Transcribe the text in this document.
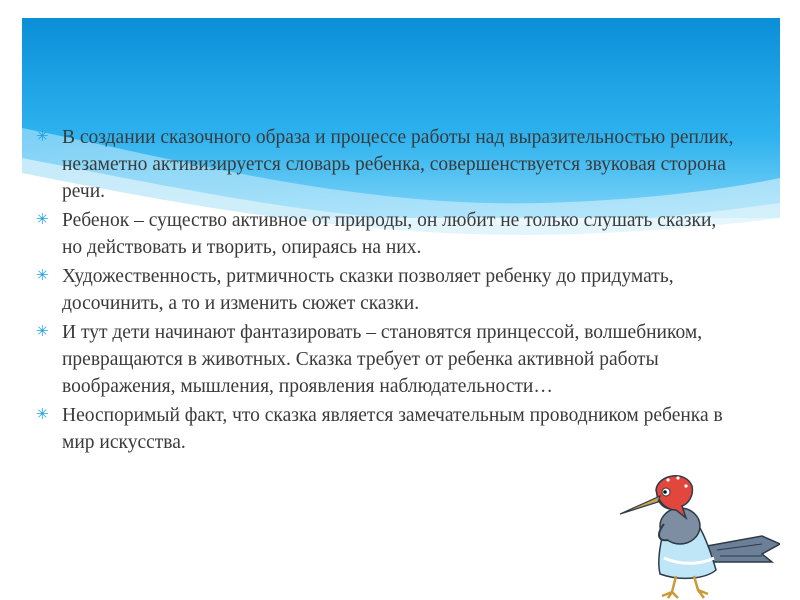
✳ В создании сказочного образа и процессе работы над выразительностью реплик, незаметно активизируется словарь ребенка, совершенствуется звуковая сторона речи.
✳ Ребенок – существо активное от природы, он любит не только слушать сказки, но действовать и творить, опираясь на них.
✳ Художественность, ритмичность сказки позволяет ребенку до придумать, досочинить, а то и изменить сюжет сказки.
✳ И тут дети начинают фантазировать – становятся принцессой, волшебником, превращаются в животных. Сказка требует от ребенка активной работы воображения, мышления, проявления наблюдательности…
✳ Неоспоримый факт, что сказка является замечательным проводником ребенка в мир искусства.
